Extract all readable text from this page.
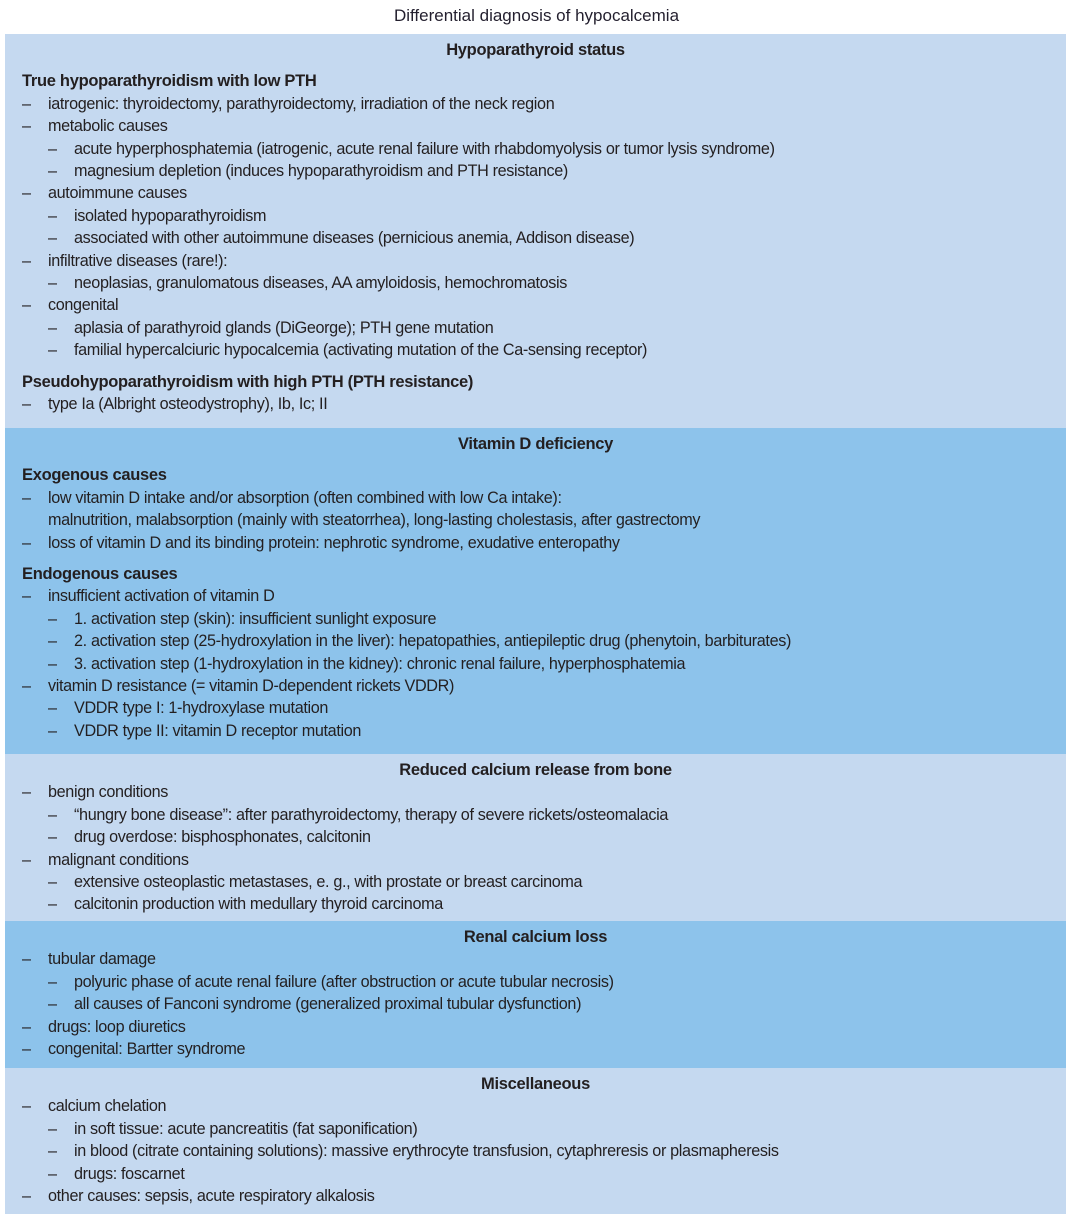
Differential diagnosis of hypocalcemia
Hypoparathyroid status
True hypoparathyroidism with low PTH
– iatrogenic: thyroidectomy, parathyroidectomy, irradiation of the neck region
– metabolic causes
– acute hyperphosphatemia (iatrogenic, acute renal failure with rhabdomyolysis or tumor lysis syndrome)
– magnesium depletion (induces hypoparathyroidism and PTH resistance)
– autoimmune causes
– isolated hypoparathyroidism
– associated with other autoimmune diseases (pernicious anemia, Addison disease)
– infiltrative diseases (rare!):
– neoplasias, granulomatous diseases, AA amyloidosis, hemochromatosis
– congenital
– aplasia of parathyroid glands (DiGeorge); PTH gene mutation
– familial hypercalciuric hypocalcemia (activating mutation of the Ca-sensing receptor)
Pseudohypoparathyroidism with high PTH (PTH resistance)
– type Ia (Albright osteodystrophy), Ib, Ic; II
Vitamin D deficiency
Exogenous causes
– low vitamin D intake and/or absorption (often combined with low Ca intake):
malnutrition, malabsorption (mainly with steatorrhea), long-lasting cholestasis, after gastrectomy
– loss of vitamin D and its binding protein: nephrotic syndrome, exudative enteropathy
Endogenous causes
– insufficient activation of vitamin D
– 1. activation step (skin): insufficient sunlight exposure
– 2. activation step (25-hydroxylation in the liver): hepatopathies, antiepileptic drug (phenytoin, barbiturates)
– 3. activation step (1-hydroxylation in the kidney): chronic renal failure, hyperphosphatemia
– vitamin D resistance (= vitamin D-dependent rickets VDDR)
– VDDR type I: 1-hydroxylase mutation
– VDDR type II: vitamin D receptor mutation
Reduced calcium release from bone
– benign conditions
– “hungry bone disease”: after parathyroidectomy, therapy of severe rickets/osteomalacia
– drug overdose: bisphosphonates, calcitonin
– malignant conditions
– extensive osteoplastic metastases, e. g., with prostate or breast carcinoma
– calcitonin production with medullary thyroid carcinoma
Renal calcium loss
– tubular damage
– polyuric phase of acute renal failure (after obstruction or acute tubular necrosis)
– all causes of Fanconi syndrome (generalized proximal tubular dysfunction)
– drugs: loop diuretics
– congenital: Bartter syndrome
Miscellaneous
– calcium chelation
– in soft tissue: acute pancreatitis (fat saponification)
– in blood (citrate containing solutions): massive erythrocyte transfusion, cytaphreresis or plasmapheresis
– drugs: foscarnet
– other causes: sepsis, acute respiratory alkalosis
